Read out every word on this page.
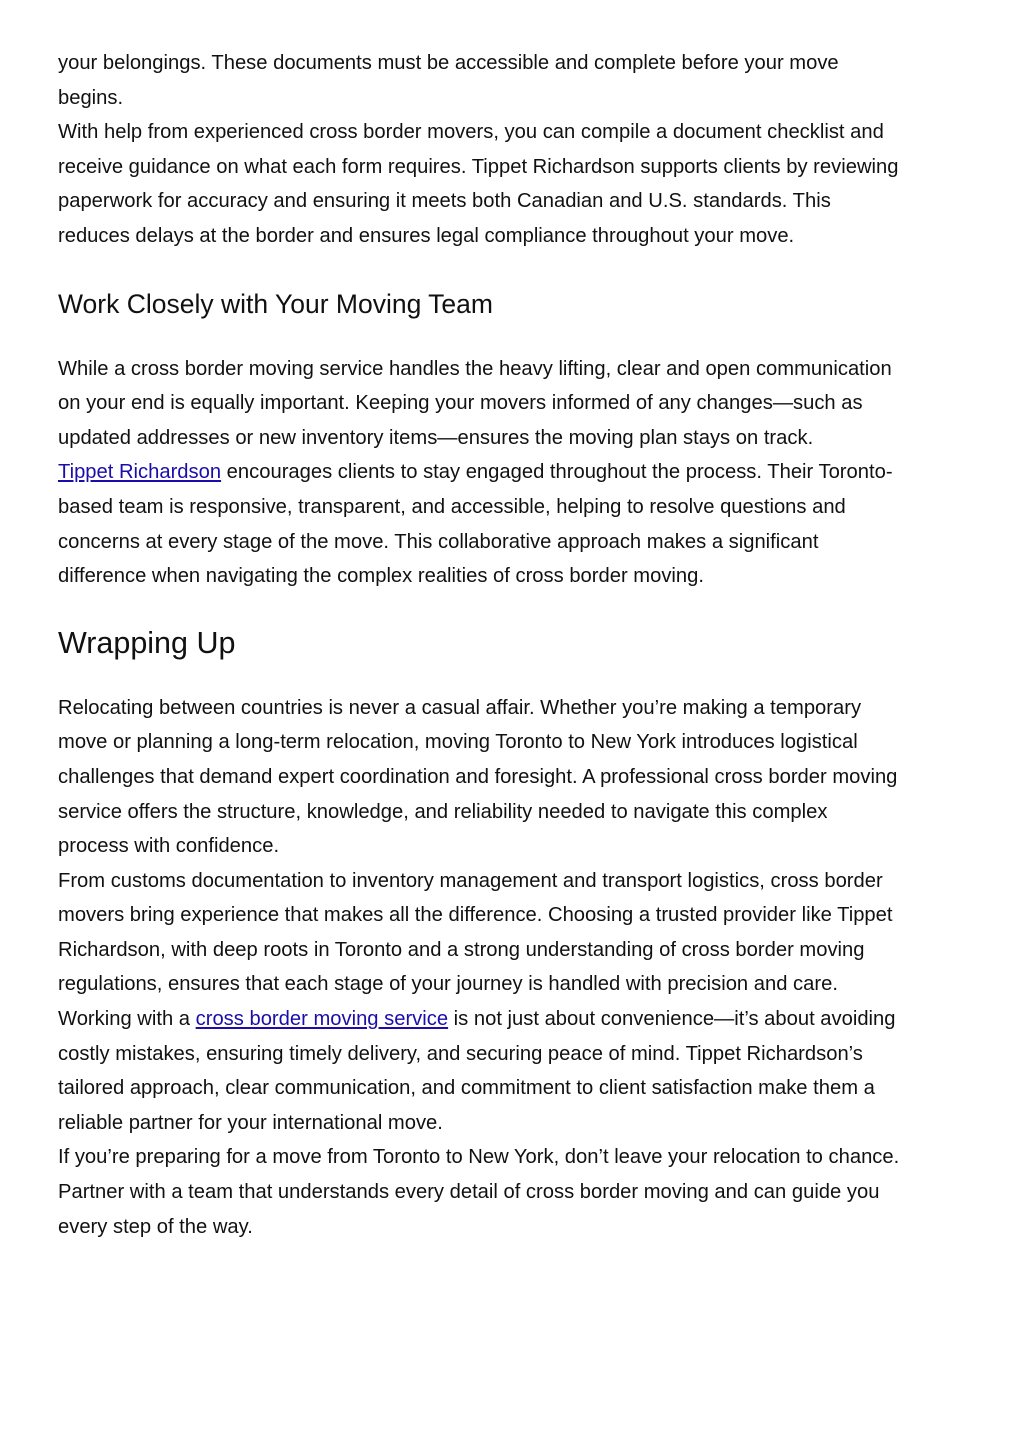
your belongings. These documents must be accessible and complete before your move

begins.

With help from experienced cross border movers, you can compile a document checklist and

receive guidance on what each form requires. Tippet Richardson supports clients by reviewing

paperwork for accuracy and ensuring it meets both Canadian and U.S. standards. This

reduces delays at the border and ensures legal compliance throughout your move.

Work Closely with Your Moving Team

While a cross border moving service handles the heavy lifting, clear and open communication

on your end is equally important. Keeping your movers informed of any changes—such as

updated addresses or new inventory items—ensures the moving plan stays on track.

Tippet Richardson encourages clients to stay engaged throughout the process. Their Toronto-

based team is responsive, transparent, and accessible, helping to resolve questions and

concerns at every stage of the move. This collaborative approach makes a significant

difference when navigating the complex realities of cross border moving.

Wrapping Up

Relocating between countries is never a casual affair. Whether you’re making a temporary

move or planning a long-term relocation, moving Toronto to New York introduces logistical

challenges that demand expert coordination and foresight. A professional cross border moving

service offers the structure, knowledge, and reliability needed to navigate this complex

process with confidence.

From customs documentation to inventory management and transport logistics, cross border

movers bring experience that makes all the difference. Choosing a trusted provider like Tippet

Richardson, with deep roots in Toronto and a strong understanding of cross border moving

regulations, ensures that each stage of your journey is handled with precision and care.

Working with a cross border moving service is not just about convenience—it’s about avoiding

costly mistakes, ensuring timely delivery, and securing peace of mind. Tippet Richardson’s

tailored approach, clear communication, and commitment to client satisfaction make them a

reliable partner for your international move.

If you’re preparing for a move from Toronto to New York, don’t leave your relocation to chance.

Partner with a team that understands every detail of cross border moving and can guide you

every step of the way.
